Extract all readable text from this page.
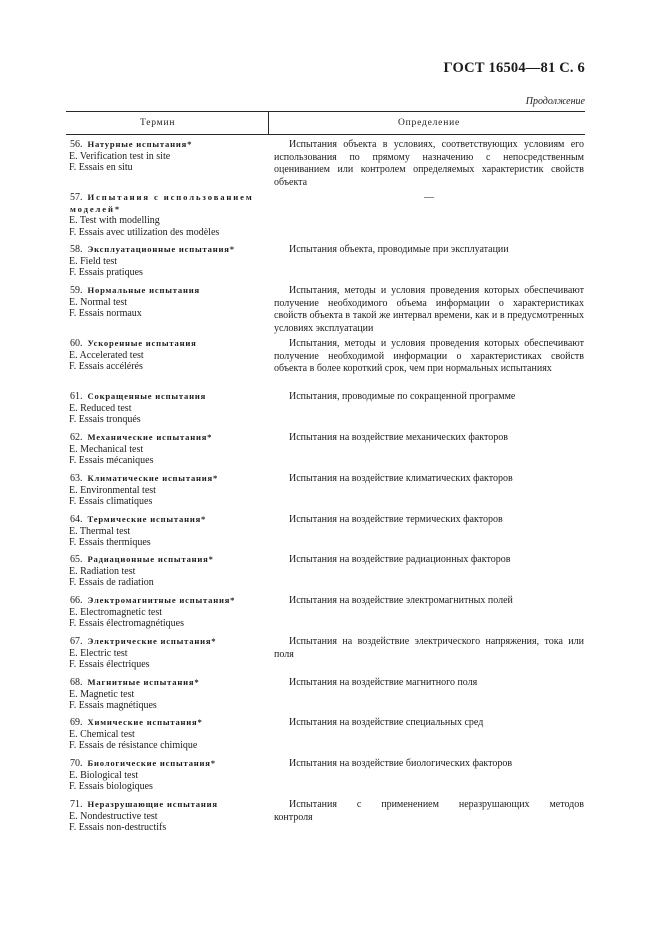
ГОСТ 16504—81 С. 6
Продолжение
Термин	Определение
56. Натурные испытания*
E. Verification test in site
F. Essais en situ
Испытания объекта в условиях, соответствующих условиям его использования по прямому назначению с непосредственным оцениванием или контролем определяемых характеристик свойств объекта
57. Испытания с использованием моделей*
E. Test with modelling
F. Essais avec utilization des modèles
—
58. Эксплуатационные испытания*
E. Field test
F. Essais pratiques
Испытания объекта, проводимые при эксплуатации
59. Нормальные испытания
E. Normal test
F. Essais normaux
Испытания, методы и условия проведения которых обеспечивают получение необходимого объема информации о характеристиках свойств объекта в такой же интервал времени, как и в предусмотренных условиях эксплуатации
60. Ускоренные испытания
E. Accelerated test
F. Essais accélérés
Испытания, методы и условия проведения которых обеспечивают получение необходимой информации о характеристиках свойств объекта в более короткий срок, чем при нормальных испытаниях
61. Сокращенные испытания
E. Reduced test
F. Essais tronqués
Испытания, проводимые по сокращенной программе
62. Механические испытания*
E. Mechanical test
F. Essais mécaniques
Испытания на воздействие механических факторов
63. Климатические испытания*
E. Environmental test
F. Essais climatiques
Испытания на воздействие климатических факторов
64. Термические испытания*
E. Thermal test
F. Essais thermiques
Испытания на воздействие термических факторов
65. Радиационные испытания*
E. Radiation test
F. Essais de radiation
Испытания на воздействие радиационных факторов
66. Электромагнитные испытания*
E. Electromagnetic test
F. Essais électromagnétiques
Испытания на воздействие электромагнитных полей
67. Электрические испытания*
E. Electric test
F. Essais électriques
Испытания на воздействие электрического напряжения, тока или поля
68. Магнитные испытания*
E. Magnetic test
F. Essais magnétiques
Испытания на воздействие магнитного поля
69. Химические испытания*
E. Chemical test
F. Essais de résistance chimique
Испытания на воздействие специальных сред
70. Биологические испытания*
E. Biological test
F. Essais biologiques
Испытания на воздействие биологических факторов
71. Неразрушающие испытания
E. Nondestructive test
F. Essais non-destructifs
Испытания с применением неразрушающих методов контроля
